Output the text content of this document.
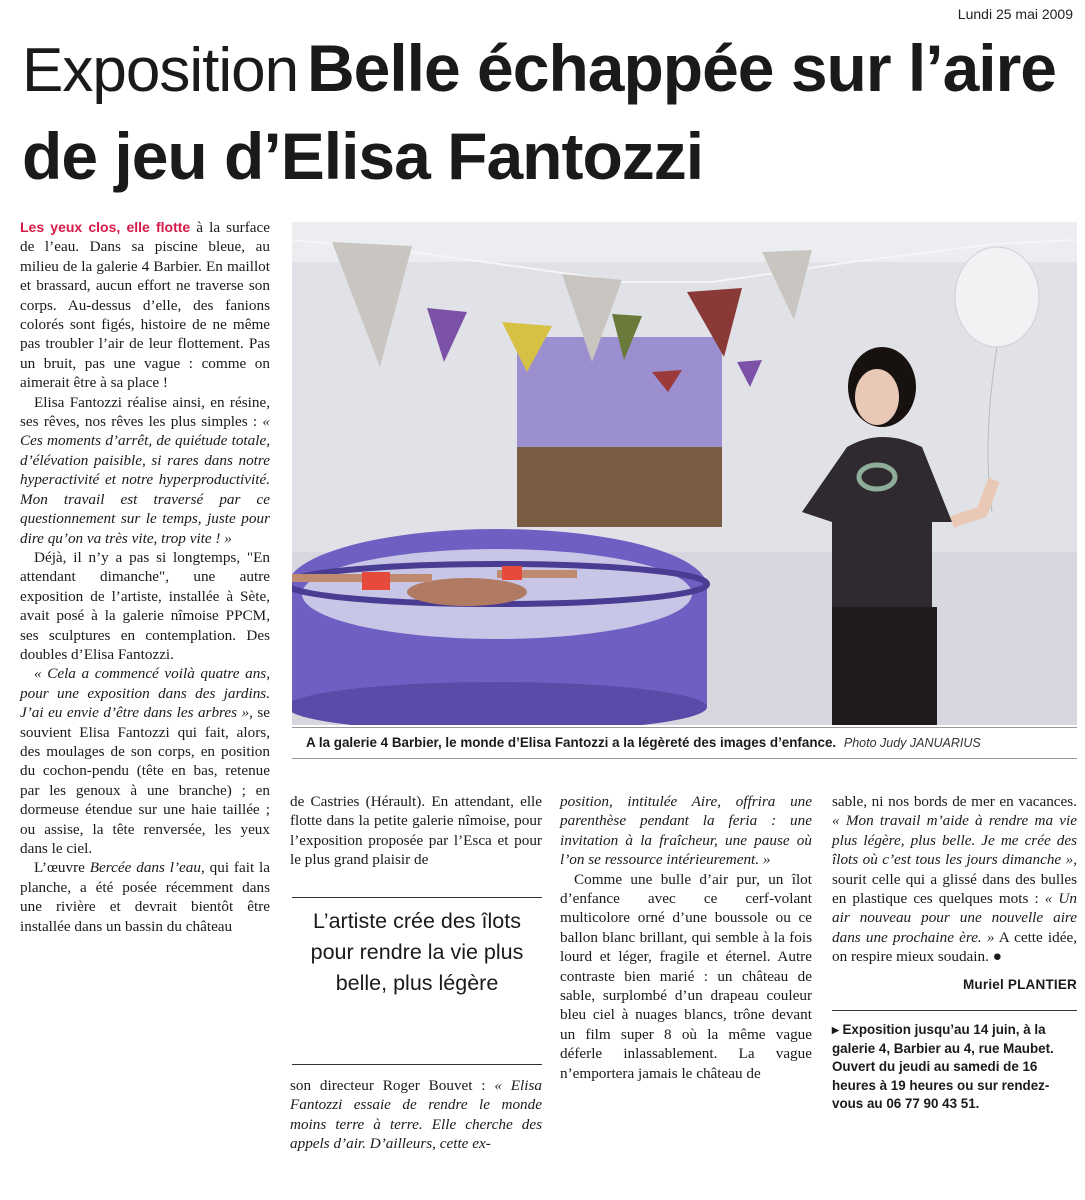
Lundi 25 mai 2009
Exposition Belle échappée sur l’aire de jeu d’Elisa Fantozzi

Les yeux clos, elle flotte à la surface de l’eau. Dans sa piscine bleue, au milieu de la galerie 4 Barbier. En maillot et brassard, aucun effort ne traverse son corps. Au-dessus d’elle, des fanions colorés sont figés, histoire de ne même pas troubler l’air de leur flottement. Pas un bruit, pas une vague : comme on aimerait être à sa place !

Elisa Fantozzi réalise ainsi, en résine, ses rêves, nos rêves les plus simples : « Ces moments d’arrêt, de quiétude totale, d’élévation paisible, si rares dans notre hyperactivité et notre hyperproductivité. Mon travail est traversé par ce questionnement sur le temps, juste pour dire qu’on va très vite, trop vite ! »

Déjà, il n’y a pas si longtemps, "En attendant dimanche", une autre exposition de l’artiste, installée à Sète, avait posé à la galerie nîmoise PPCM, ses sculptures en contemplation. Des doubles d’Elisa Fantozzi.

« Cela a commencé voilà quatre ans, pour une exposition dans des jardins. J’ai eu envie d’être dans les arbres », se souvient Elisa Fantozzi qui fait, alors, des moulages de son corps, en position du cochon-pendu (tête en bas, retenue par les genoux à une branche) ; en dormeuse étendue sur une haie taillée ; ou assise, la tête renversée, les yeux dans le ciel.

L’œuvre Bercée dans l’eau, qui fait la planche, a été posée récemment dans une rivière et devrait bientôt être installée dans un bassin du château

A la galerie 4 Barbier, le monde d’Elisa Fantozzi a la légèreté des images d’enfance. Photo Judy JANUARIUS

de Castries (Hérault). En attendant, elle flotte dans la petite galerie nîmoise, pour l’exposition proposée par l’Esca et pour le plus grand plaisir de

L’artiste crée des îlots pour rendre la vie plus belle, plus légère

son directeur Roger Bouvet : « Elisa Fantozzi essaie de rendre le monde moins terre à terre. Elle cherche des appels d’air. D’ailleurs, cette ex-

position, intitulée Aire, offrira une parenthèse pendant la feria : une invitation à la fraîcheur, une pause où l’on se ressource intérieurement. »

Comme une bulle d’air pur, un îlot d’enfance avec ce cerf-volant multicolore orné d’une boussole ou ce ballon blanc brillant, qui semble à la fois lourd et léger, fragile et éternel. Autre contraste bien marié : un château de sable, surplombé d’un drapeau couleur bleu ciel à nuages blancs, trône devant un film super 8 où la même vague déferle inlassablement. La vague n’emportera jamais le château de

sable, ni nos bords de mer en vacances. « Mon travail m’aide à rendre ma vie plus légère, plus belle. Je me crée des îlots où c’est tous les jours dimanche », sourit celle qui a glissé dans des bulles en plastique ces quelques mots : « Un air nouveau pour une nouvelle aire dans une prochaine ère. » A cette idée, on respire mieux soudain. ●

Muriel PLANTIER
▸ Exposition jusqu’au 14 juin, à la galerie 4, Barbier au 4, rue Maubet. Ouvert du jeudi au samedi de 16 heures à 19 heures ou sur rendez-vous au 06 77 90 43 51.
